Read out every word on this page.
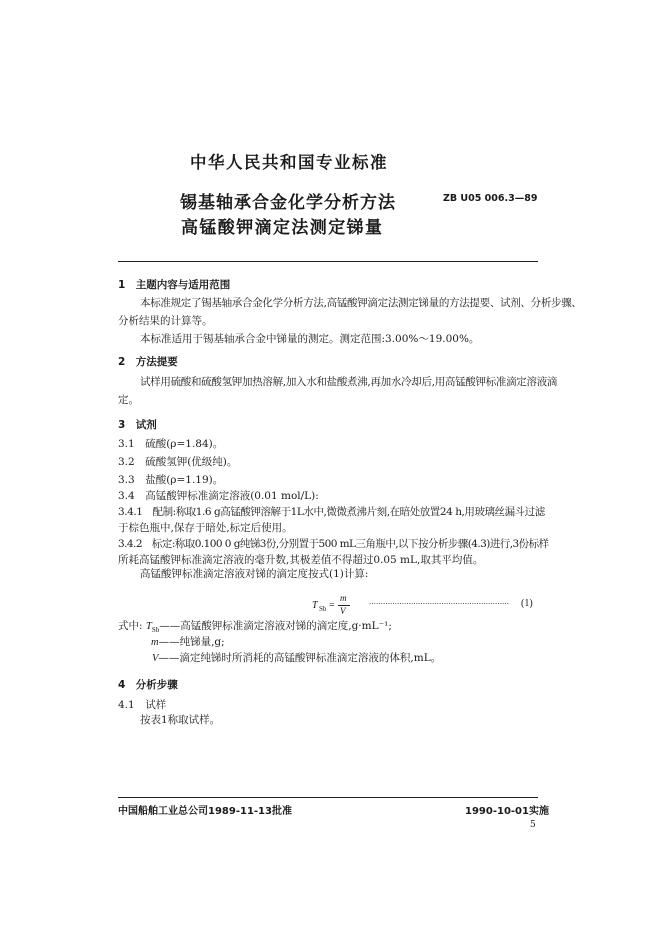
中华人民共和国专业标准
锡基轴承合金化学分析方法
高锰酸钾滴定法测定锑量
ZB U05 006.3—89
1　主题内容与适用范围
本标准规定了锡基轴承合金化学分析方法,高锰酸钾滴定法测定锑量的方法提要、试剂、分析步骤、
分析结果的计算等。
本标准适用于锡基轴承合金中锑量的测定。测定范围:3.00%～19.00%。
2　方法提要
试样用硫酸和硫酸氢钾加热溶解,加入水和盐酸煮沸,再加水冷却后,用高锰酸钾标准滴定溶液滴
定。
3　试剂
3.1　硫酸(ρ=1.84)。
3.2　硫酸氢钾(优级纯)。
3.3　盐酸(ρ=1.19)。
3.4　高锰酸钾标准滴定溶液(0.01 mol/L):
3.4.1　配制:称取1.6 g高锰酸钾溶解于1L水中,微微煮沸片刻,在暗处放置24 h,用玻璃丝漏斗过滤
于棕色瓶中,保存于暗处,标定后使用。
3.4.2　标定:称取0.100 0 g纯锑3份,分别置于500 mL三角瓶中,以下按分析步骤(4.3)进行,3份标样
所耗高锰酸钾标准滴定溶液的毫升数,其极差值不得超过0.05 mL,取其平均值。
高锰酸钾标准滴定溶液对锑的滴定度按式(1)计算:
T Sb =
m
V
…………………………………………………… (1)
式中: $T_{Sb}——$高锰酸钾标准滴定溶液对锑的滴定度,g·mL⁻¹;
m——纯锑量,g;
V——滴定纯锑时所消耗的高锰酸钾标准滴定溶液的体积,mL。
4　分析步骤
4.1　试样
按表1称取试样。
中国船舶工业总公司1989-11-13批准	1990-10-01实施
5
